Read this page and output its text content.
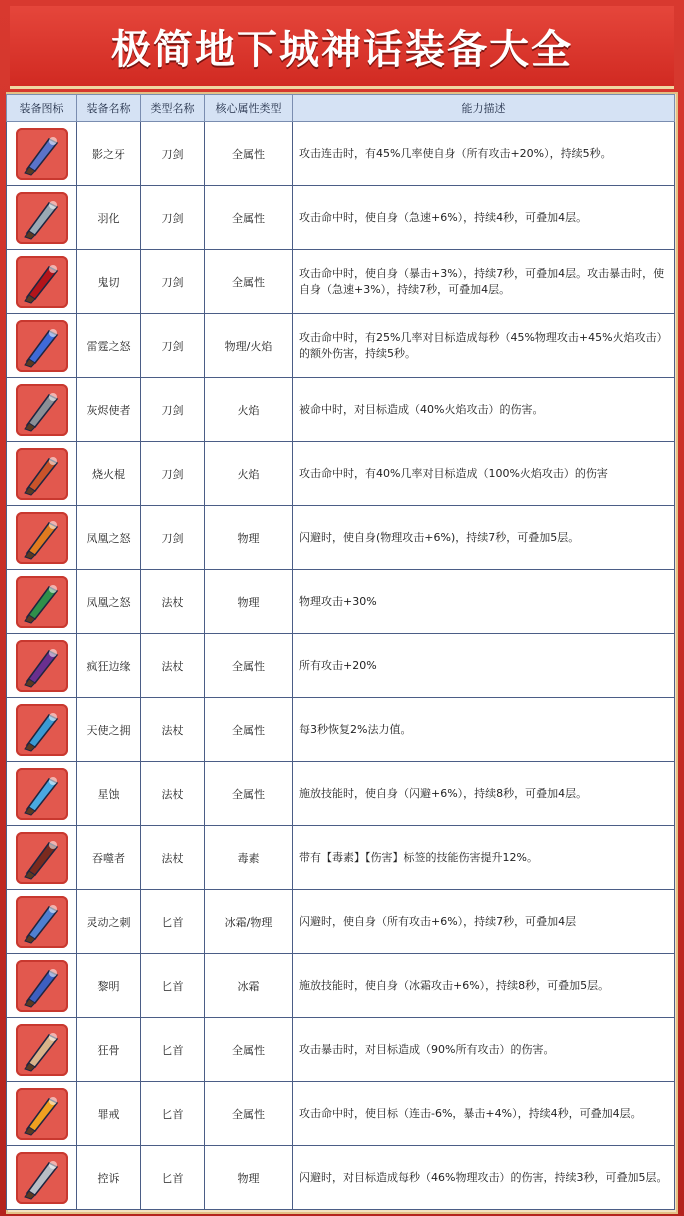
极简地下城神话装备大全
装备图标	装备名称	类型名称	核心属性类型	能力描述

	影之牙	刀剑	全属性	攻击连击时，有45%几率使自身（所有攻击+20%），持续5秒。

	羽化	刀剑	全属性	攻击命中时，使自身（急速+6%），持续4秒，可叠加4层。

	鬼切	刀剑	全属性	攻击命中时，使自身（暴击+3%），持续7秒，可叠加4层。攻击暴击时，使自身（急速+3%），持续7秒，可叠加4层。

	雷霆之怒	刀剑	物理/火焰	攻击命中时，有25%几率对目标造成每秒（45%物理攻击+45%火焰攻击）的额外伤害，持续5秒。

	灰烬使者	刀剑	火焰	被命中时，对目标造成（40%火焰攻击）的伤害。

	烧火棍	刀剑	火焰	攻击命中时，有40%几率对目标造成（100%火焰攻击）的伤害

	凤凰之怒	刀剑	物理	闪避时，使自身(物理攻击+6%)，持续7秒，可叠加5层。

	凤凰之怒	法杖	物理	物理攻击+30%

	疯狂边缘	法杖	全属性	所有攻击+20%

	天使之拥	法杖	全属性	每3秒恢复2%法力值。

	星蚀	法杖	全属性	施放技能时，使自身（闪避+6%），持续8秒，可叠加4层。

	吞噬者	法杖	毒素	带有【毒素】【伤害】标签的技能伤害提升12%。

	灵动之刺	匕首	冰霜/物理	闪避时，使自身（所有攻击+6%），持续7秒，可叠加4层

	黎明	匕首	冰霜	施放技能时，使自身（冰霜攻击+6%），持续8秒，可叠加5层。

	狂骨	匕首	全属性	攻击暴击时，对目标造成（90%所有攻击）的伤害。

	罪戒	匕首	全属性	攻击命中时，使目标（连击-6%，暴击+4%），持续4秒，可叠加4层。

	控诉	匕首	物理	闪避时，对目标造成每秒（46%物理攻击）的伤害，持续3秒，可叠加5层。
